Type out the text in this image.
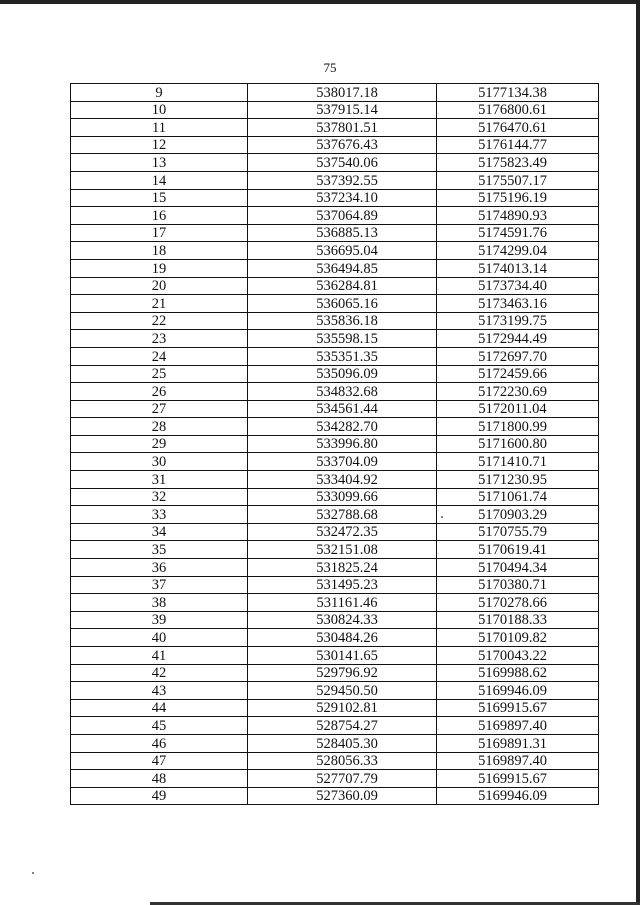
75
9	538017.18	5177134.38
10	537915.14	5176800.61
11	537801.51	5176470.61
12	537676.43	5176144.77
13	537540.06	5175823.49
14	537392.55	5175507.17
15	537234.10	5175196.19
16	537064.89	5174890.93
17	536885.13	5174591.76
18	536695.04	5174299.04
19	536494.85	5174013.14
20	536284.81	5173734.40
21	536065.16	5173463.16
22	535836.18	5173199.75
23	535598.15	5172944.49
24	535351.35	5172697.70
25	535096.09	5172459.66
26	534832.68	5172230.69
27	534561.44	5172011.04
28	534282.70	5171800.99
29	533996.80	5171600.80
30	533704.09	5171410.71
31	533404.92	5171230.95
32	533099.66	5171061.74
33	532788.68	5170903.29
34	532472.35	5170755.79
35	532151.08	5170619.41
36	531825.24	5170494.34
37	531495.23	5170380.71
38	531161.46	5170278.66
39	530824.33	5170188.33
40	530484.26	5170109.82
41	530141.65	5170043.22
42	529796.92	5169988.62
43	529450.50	5169946.09
44	529102.81	5169915.67
45	528754.27	5169897.40
46	528405.30	5169891.31
47	528056.33	5169897.40
48	527707.79	5169915.67
49	527360.09	5169946.09
